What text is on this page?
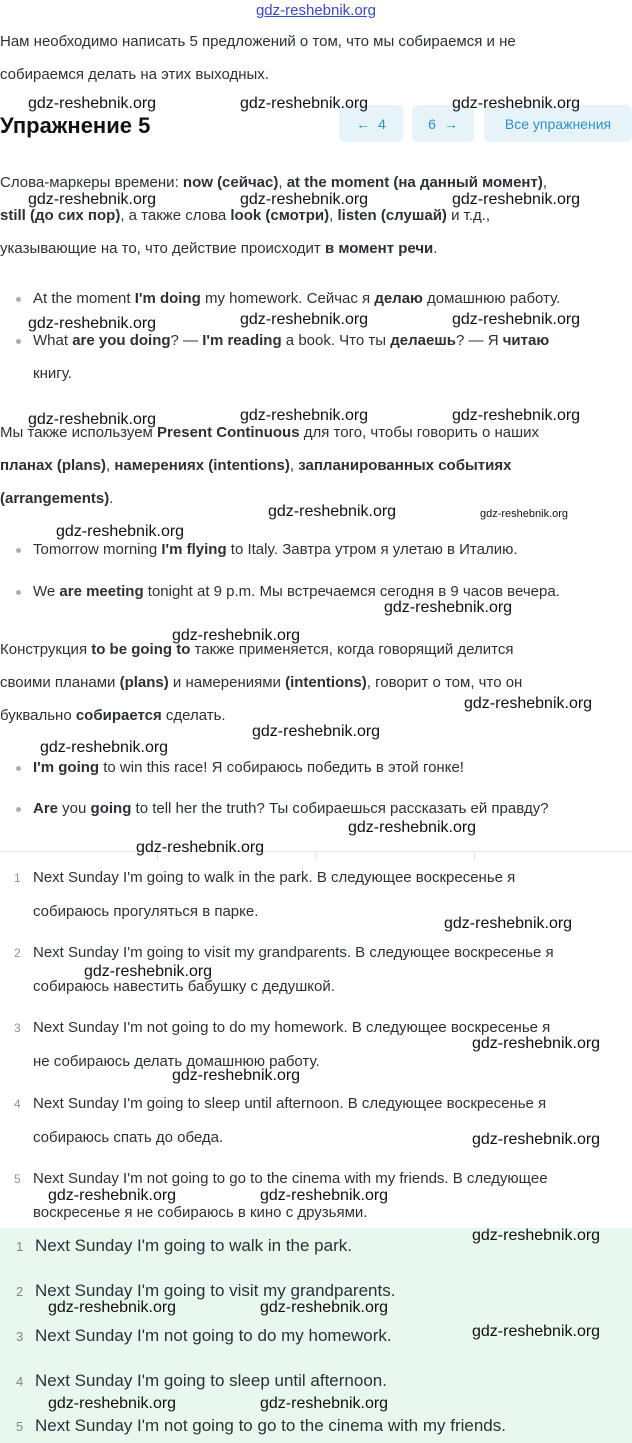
gdz-reshebnik.org
Нам необходимо написать 5 предложений о том, что мы собираемся и не
собираемся делать на этих выходных.
Упражнение 5	← 4	6 →	Все упражнения
Слова-маркеры времени: now (сейчас), at the moment (на данный момент),
still (до сих пор), а также слова look (смотри), listen (слушай) и т.д.,
указывающие на то, что действие происходит в момент речи.
At the moment I'm doing my homework. Сейчас я делаю домашнюю работу.
What are you doing? — I'm reading a book. Что ты делаешь? — Я читаю
книгу.
Мы также используем Present Continuous для того, чтобы говорить о наших
планах (plans), намерениях (intentions), запланированных событиях
(arrangements).
Tomorrow morning I'm flying to Italy. Завтра утром я улетаю в Италию.
We are meeting tonight at 9 p.m. Мы встречаемся сегодня в 9 часов вечера.
Конструкция to be going to также применяется, когда говорящий делится
своими планами (plans) и намерениями (intentions), говорит о том, что он
буквально собирается сделать.
I'm going to win this race! Я собираюсь победить в этой гонке!
Are you going to tell her the truth? Ты собираешься рассказать ей правду?
1 Next Sunday I'm going to walk in the park. В следующее воскресенье я
собираюсь прогуляться в парке.
2 Next Sunday I'm going to visit my grandparents. В следующее воскресенье я
собираюсь навестить бабушку с дедушкой.
3 Next Sunday I'm not going to do my homework. В следующее воскресенье я
не собираюсь делать домашнюю работу.
4 Next Sunday I'm going to sleep until afternoon. В следующее воскресенье я
собираюсь спать до обеда.
5 Next Sunday I'm not going to go to the cinema with my friends. В следующее
воскресенье я не собираюсь в кино с друзьями.
1 Next Sunday I'm going to walk in the park.
2 Next Sunday I'm going to visit my grandparents.
3 Next Sunday I'm not going to do my homework.
4 Next Sunday I'm going to sleep until afternoon.
5 Next Sunday I'm not going to go to the cinema with my friends.
gdz-reshebnik.org	gdz-reshebnik.org	gdz-reshebnik.org
gdz-reshebnik.org	gdz-reshebnik.org	gdz-reshebnik.org
gdz-reshebnik.org	gdz-reshebnik.org	gdz-reshebnik.org
gdz-reshebnik.org	gdz-reshebnik.org	gdz-reshebnik.org
gdz-reshebnik.org
gdz-reshebnik.org	gdz-reshebnik.org
gdz-reshebnik.org
gdz-reshebnik.org
gdz-reshebnik.org
gdz-reshebnik.org
gdz-reshebnik.org
gdz-reshebnik.org
gdz-reshebnik.org
gdz-reshebnik.org
gdz-reshebnik.org
gdz-reshebnik.org
gdz-reshebnik.org
gdz-reshebnik.org
gdz-reshebnik.org	gdz-reshebnik.org
gdz-reshebnik.org
gdz-reshebnik.org	gdz-reshebnik.org
gdz-reshebnik.org
gdz-reshebnik.org	gdz-reshebnik.org
